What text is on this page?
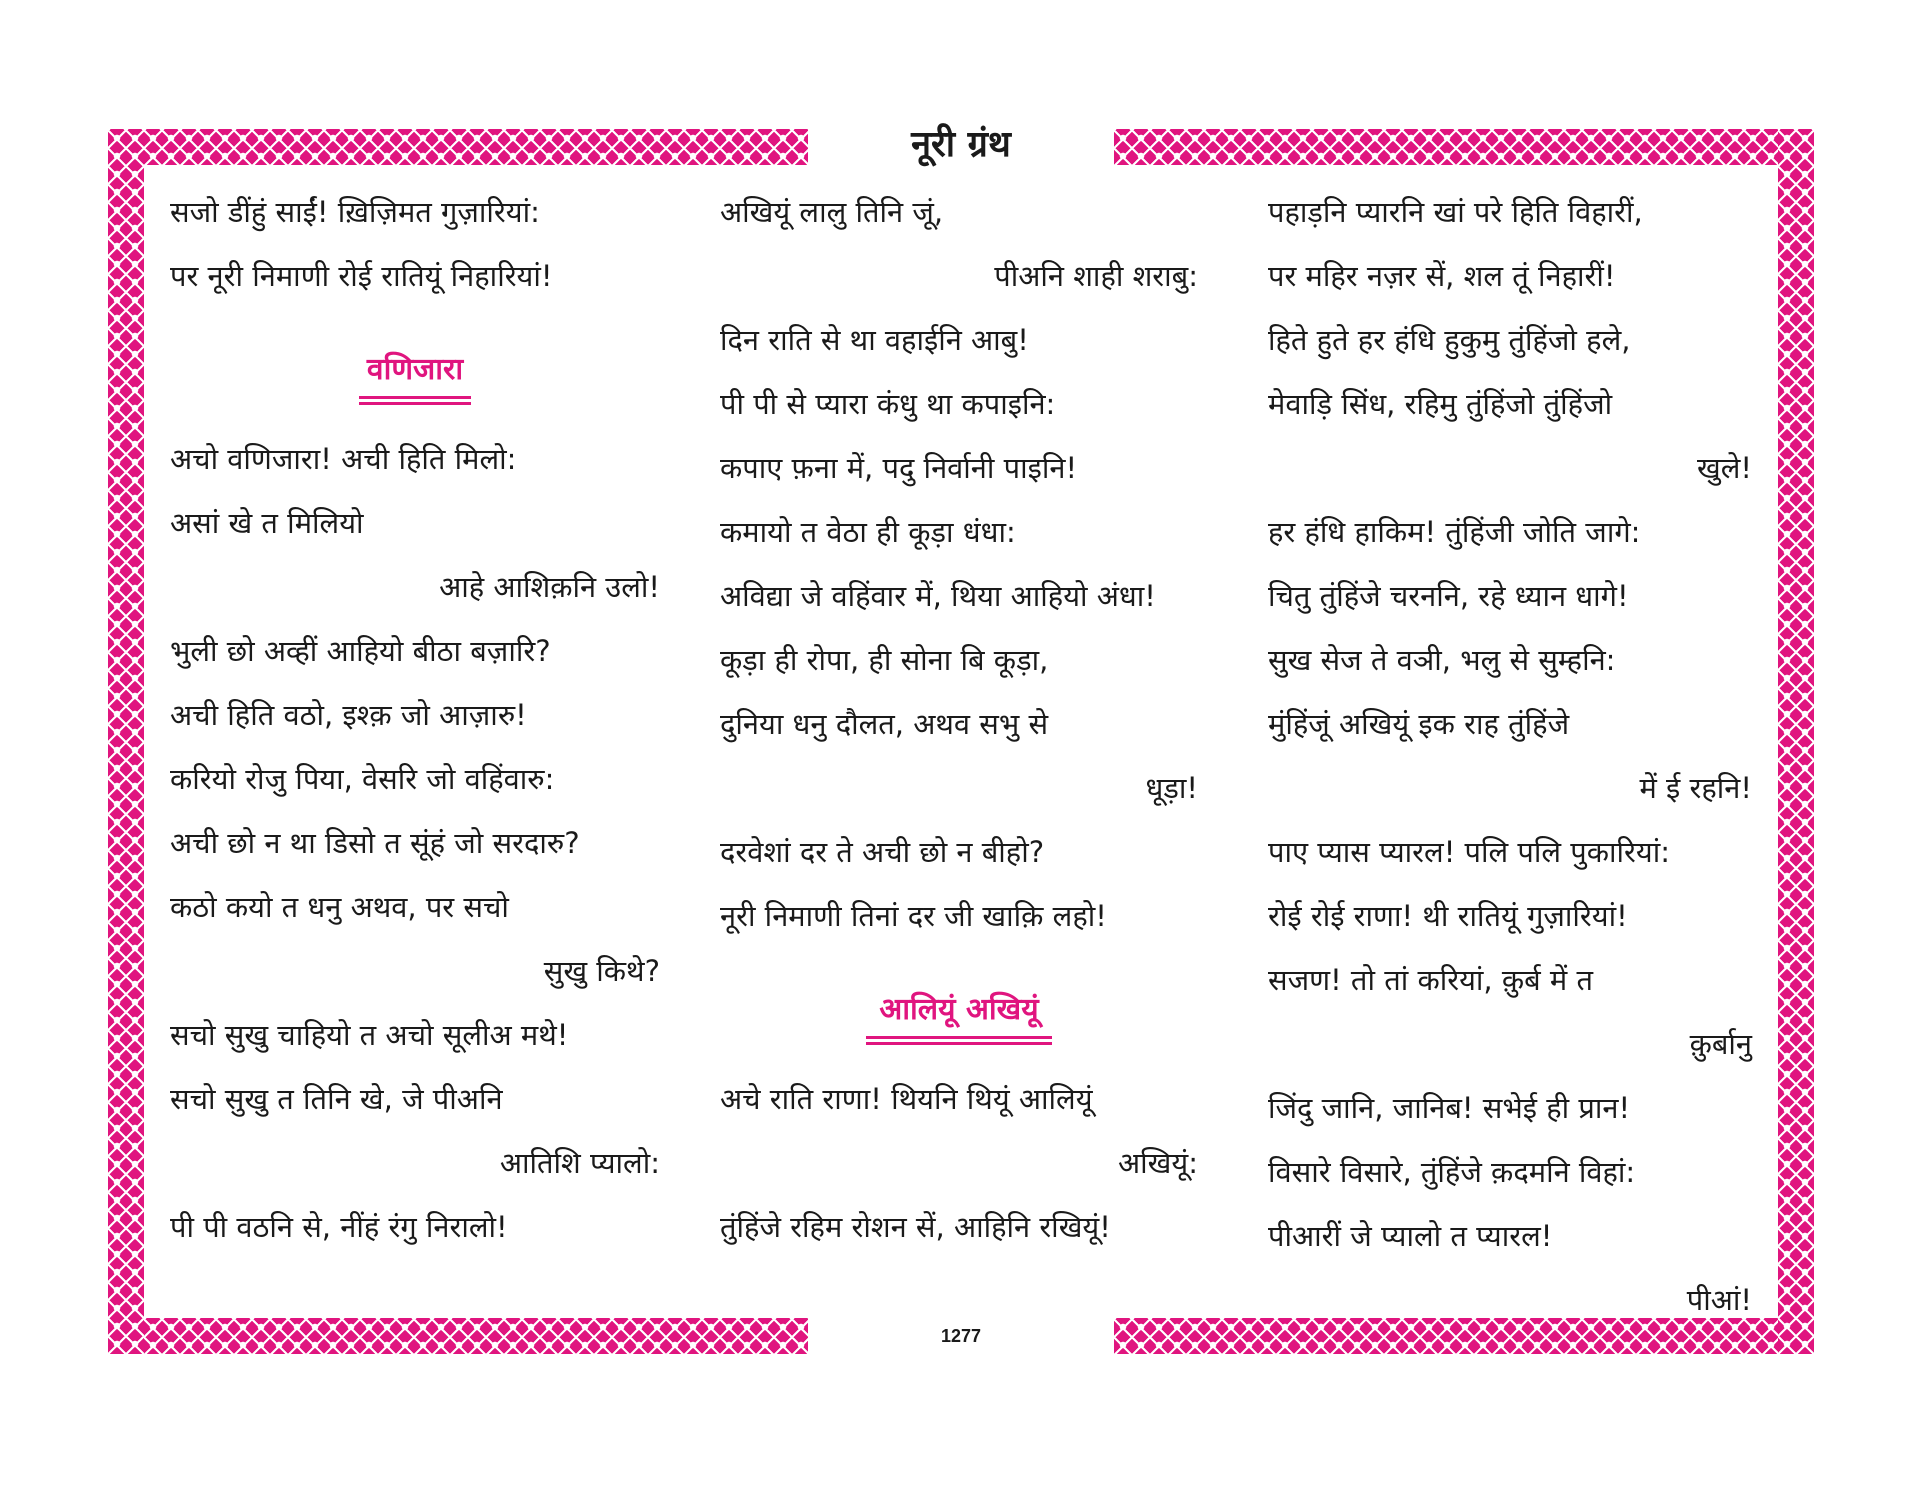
नूरी ग्रंथ
सजो डींहुं साईं! ख़िज़िमत गुज़ारियां:
पर नूरी निमाणी रोई रातियूं निहारियां!
वणिजारा
अचो वणिजारा! अची हिति मिलो:
असां खे त मिलियो
आहे आशिक़नि उलो!
भुली छो अव्हीं आहियो बीठा बज़ारि?
अची हिति वठो, इश्क़ जो आज़ारु!
करियो रोजु पिया, वेसरि जो वहिंवारु:
अची छो न था डिसो त सूंहं जो सरदारु?
कठो कयो त धनु अथव, पर सचो
सुखु किथे?
सचो सुखु चाहियो त अचो सूलीअ मथे!
सचो सुखु त तिनि खे, जे पीअनि
आतिशि प्यालो:
पी पी वठनि से, नींहं रंगु निरालो!
अखियूं लालु तिनि जूं,
पीअनि शाही शराबु:
दिन राति से था वहाईनि आबु!
पी पी से प्यारा कंधु था कपाइनि:
कपाए फ़ना में, पदु निर्वानी पाइनि!
कमायो त वेठा ही कूड़ा धंधा:
अविद्या जे वहिंवार में, थिया आहियो अंधा!
कूड़ा ही रोपा, ही सोना बि कूड़ा,
दुनिया धनु दौलत, अथव सभु से
धूड़ा!
दरवेशां दर ते अची छो न बीहो?
नूरी निमाणी तिनां दर जी खाक़ि लहो!
आलियूं अखियूं
अचे राति राणा! थियनि थियूं आलियूं
अखियूं:
तुंहिंजे रहिम रोशन सें, आहिनि रखियूं!
पहाड़नि प्यारनि खां परे हिति विहारीं,
पर महिर नज़र सें, शल तूं निहारीं!
हिते हुते हर हंधि हुकुमु तुंहिंजो हले,
मेवाड़ि सिंध, रहिमु तुंहिंजो तुंहिंजो
खुले!
हर हंधि हाकिम! तुंहिंजी जोति जागे:
चितु तुंहिंजे चरननि, रहे ध्यान धागे!
सुख सेज ते वञी, भलु से सुम्हनि:
मुंहिंजूं अखियूं इक राह तुंहिंजे
में ई रहनि!
पाए प्यास प्यारल! पलि पलि पुकारियां:
रोई रोई राणा! थी रातियूं गुज़ारियां!
सजण! तो तां करियां, क़ुर्ब में त
क़ुर्बानु
जिंदु जानि, जानिब! सभेई ही प्रान!
विसारे विसारे, तुंहिंजे क़दमनि विहां:
पीआरीं जे प्यालो त प्यारल!
पीआं!
1277
